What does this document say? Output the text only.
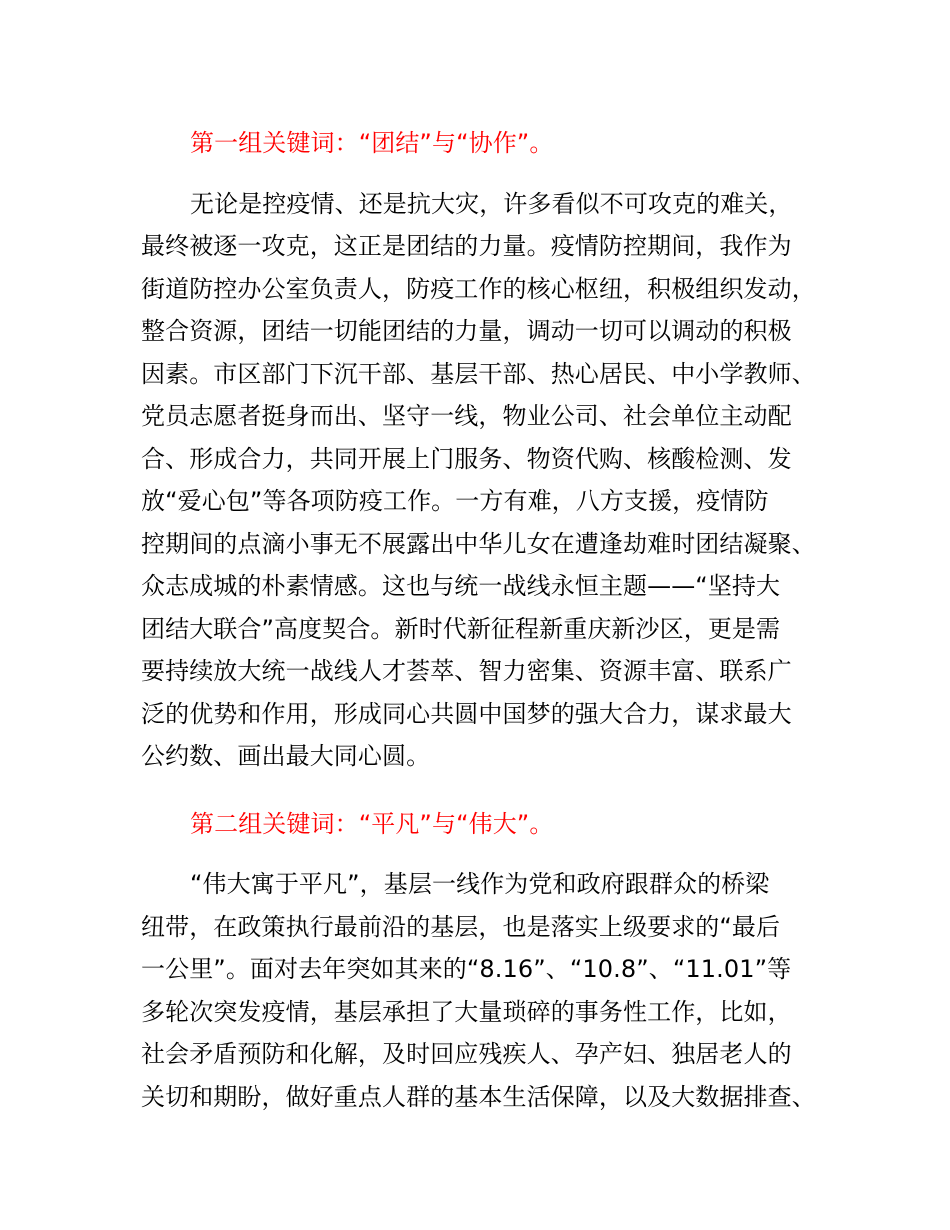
第一组关键词：“团结”与“协作”。
无论是控疫情、还是抗大灾，许多看似不可攻克的难关，
最终被逐一攻克，这正是团结的力量。疫情防控期间，我作为
街道防控办公室负责人，防疫工作的核心枢纽，积极组织发动，
整合资源，团结一切能团结的力量，调动一切可以调动的积极
因素。市区部门下沉干部、基层干部、热心居民、中小学教师、
党员志愿者挺身而出、坚守一线，物业公司、社会单位主动配
合、形成合力，共同开展上门服务、物资代购、核酸检测、发
放“爱心包”等各项防疫工作。一方有难，八方支援，疫情防
控期间的点滴小事无不展露出中华儿女在遭逢劫难时团结凝聚、
众志成城的朴素情感。这也与统一战线永恒主题——“坚持大
团结大联合”高度契合。新时代新征程新重庆新沙区，更是需
要持续放大统一战线人才荟萃、智力密集、资源丰富、联系广
泛的优势和作用，形成同心共圆中国梦的强大合力，谋求最大
公约数、画出最大同心圆。
第二组关键词：“平凡”与“伟大”。
“伟大寓于平凡”，基层一线作为党和政府跟群众的桥梁
纽带，在政策执行最前沿的基层，也是落实上级要求的“最后
一公里”。面对去年突如其来的“8.16”、“10.8”、“11.01”等
多轮次突发疫情，基层承担了大量琐碎的事务性工作，比如，
社会矛盾预防和化解，及时回应残疾人、孕产妇、独居老人的
关切和期盼，做好重点人群的基本生活保障，以及大数据排查、
